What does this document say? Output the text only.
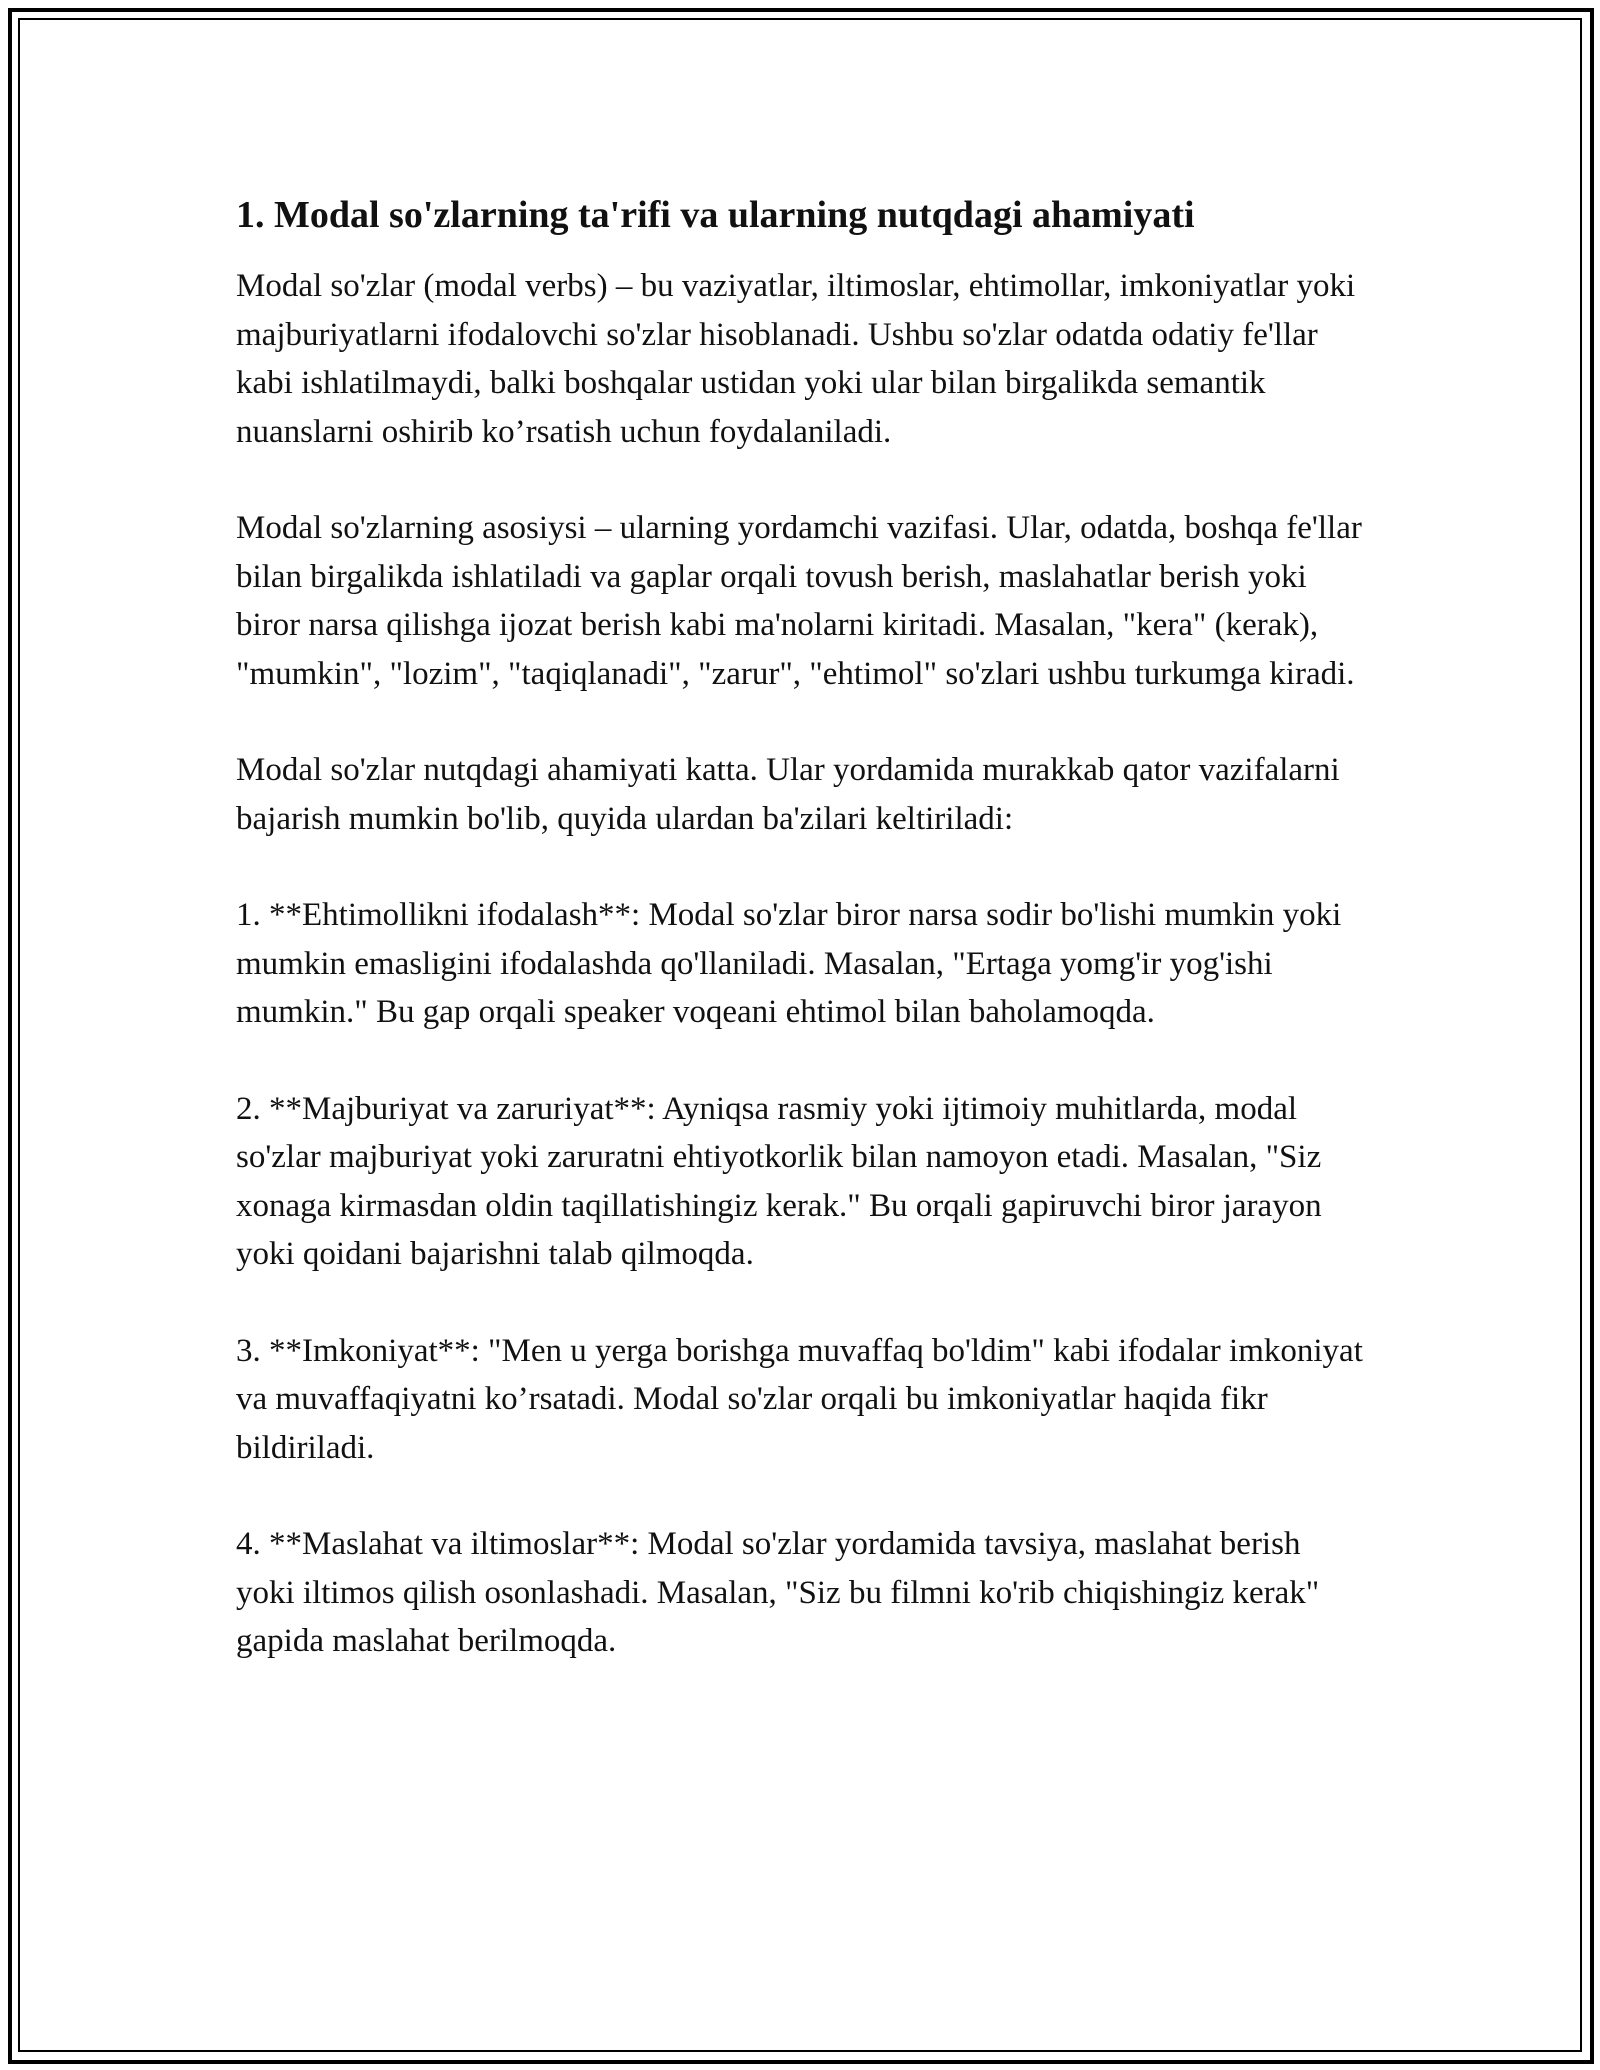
1. Modal so'zlarning ta'rifi va ularning nutqdagi ahamiyati

Modal so'zlar (modal verbs) – bu vaziyatlar, iltimoslar, ehtimollar, imkoniyatlar yoki majburiyatlarni ifodalovchi so'zlar hisoblanadi. Ushbu so'zlar odatda odatiy fe'llar kabi ishlatilmaydi, balki boshqalar ustidan yoki ular bilan birgalikda semantik nuanslarni oshirib ko’rsatish uchun foydalaniladi.

Modal so'zlarning asosiysi – ularning yordamchi vazifasi. Ular, odatda, boshqa fe'llar bilan birgalikda ishlatiladi va gaplar orqali tovush berish, maslahatlar berish yoki biror narsa qilishga ijozat berish kabi ma'nolarni kiritadi. Masalan, "kera" (kerak), "mumkin", "lozim", "taqiqlanadi", "zarur", "ehtimol" so'zlari ushbu turkumga kiradi.

Modal so'zlar nutqdagi ahamiyati katta. Ular yordamida murakkab qator vazifalarni bajarish mumkin bo'lib, quyida ulardan ba'zilari keltiriladi:

1. **Ehtimollikni ifodalash**: Modal so'zlar biror narsa sodir bo'lishi mumkin yoki mumkin emasligini ifodalashda qo'llaniladi. Masalan, "Ertaga yomg'ir yog'ishi mumkin." Bu gap orqali speaker voqeani ehtimol bilan baholamoqda.

2. **Majburiyat va zaruriyat**: Ayniqsa rasmiy yoki ijtimoiy muhitlarda, modal so'zlar majburiyat yoki zaruratni ehtiyotkorlik bilan namoyon etadi. Masalan, "Siz xonaga kirmasdan oldin taqillatishingiz kerak." Bu orqali gapiruvchi biror jarayon yoki qoidani bajarishni talab qilmoqda.

3. **Imkoniyat**: "Men u yerga borishga muvaffaq bo'ldim" kabi ifodalar imkoniyat va muvaffaqiyatni ko’rsatadi. Modal so'zlar orqali bu imkoniyatlar haqida fikr bildiriladi.

4. **Maslahat va iltimoslar**: Modal so'zlar yordamida tavsiya, maslahat berish yoki iltimos qilish osonlashadi. Masalan, "Siz bu filmni ko'rib chiqishingiz kerak" gapida maslahat berilmoqda.
